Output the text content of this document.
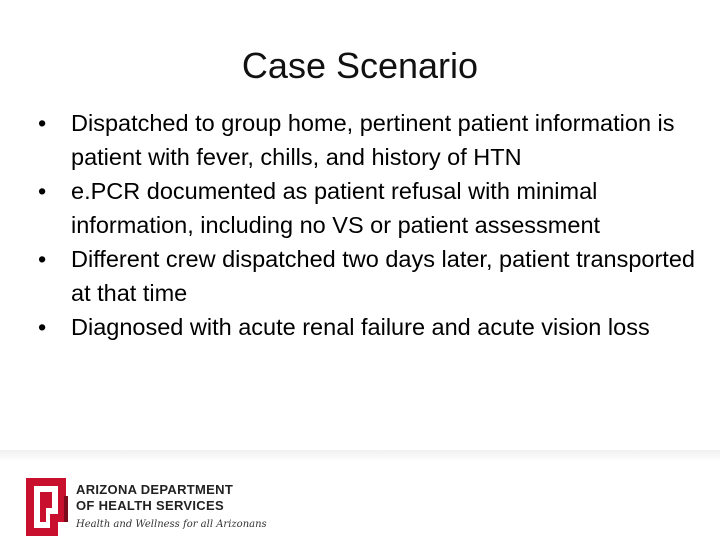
Case Scenario
•	Dispatched to group home, pertinent patient information is patient with fever, chills, and history of HTN
•	e.PCR documented as patient refusal with minimal information, including no VS or patient assessment
•	Different crew dispatched two days later, patient transported at that time
•	Diagnosed with acute renal failure and acute vision loss
ARIZONA DEPARTMENT
OF HEALTH SERVICES
Health and Wellness for all Arizonans
